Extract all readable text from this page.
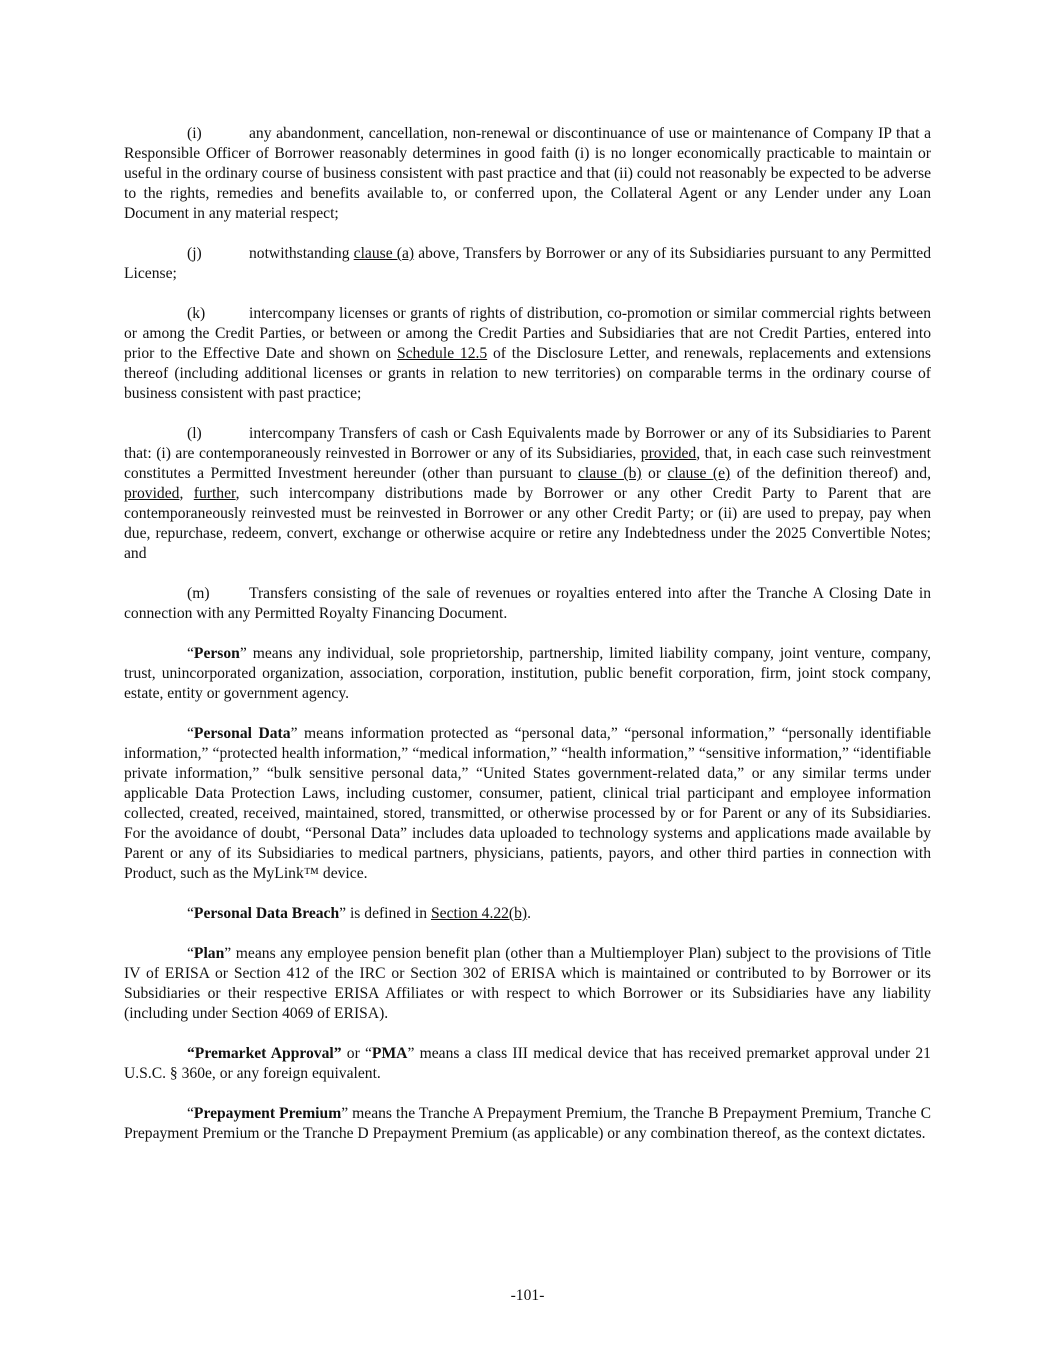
(i)	any abandonment, cancellation, non-renewal or discontinuance of use or maintenance of Company IP that a Responsible Officer of Borrower reasonably determines in good faith (i) is no longer economically practicable to maintain or useful in the ordinary course of business consistent with past practice and that (ii) could not reasonably be expected to be adverse to the rights, remedies and benefits available to, or conferred upon, the Collateral Agent or any Lender under any Loan Document in any material respect;

(j)	notwithstanding clause (a) above, Transfers by Borrower or any of its Subsidiaries pursuant to any Permitted License;

(k)	intercompany licenses or grants of rights of distribution, co-promotion or similar commercial rights between or among the Credit Parties, or between or among the Credit Parties and Subsidiaries that are not Credit Parties, entered into prior to the Effective Date and shown on Schedule 12.5 of the Disclosure Letter, and renewals, replacements and extensions thereof (including additional licenses or grants in relation to new territories) on comparable terms in the ordinary course of business consistent with past practice;

(l)	intercompany Transfers of cash or Cash Equivalents made by Borrower or any of its Subsidiaries to Parent that: (i) are contemporaneously reinvested in Borrower or any of its Subsidiaries, provided, that, in each case such reinvestment constitutes a Permitted Investment hereunder (other than pursuant to clause (b) or clause (e) of the definition thereof) and, provided, further, such intercompany distributions made by Borrower or any other Credit Party to Parent that are contemporaneously reinvested must be reinvested in Borrower or any other Credit Party; or (ii) are used to prepay, pay when due, repurchase, redeem, convert, exchange or otherwise acquire or retire any Indebtedness under the 2025 Convertible Notes; and

(m)	Transfers consisting of the sale of revenues or royalties entered into after the Tranche A Closing Date in connection with any Permitted Royalty Financing Document.

“Person” means any individual, sole proprietorship, partnership, limited liability company, joint venture, company, trust, unincorporated organization, association, corporation, institution, public benefit corporation, firm, joint stock company, estate, entity or government agency.

“Personal Data” means information protected as “personal data,” “personal information,” “personally identifiable information,” “protected health information,” “medical information,” “health information,” “sensitive information,” “identifiable private information,” “bulk sensitive personal data,” “United States government-related data,” or any similar terms under applicable Data Protection Laws, including customer, consumer, patient, clinical trial participant and employee information collected, created, received, maintained, stored, transmitted, or otherwise processed by or for Parent or any of its Subsidiaries. For the avoidance of doubt, “Personal Data” includes data uploaded to technology systems and applications made available by Parent or any of its Subsidiaries to medical partners, physicians, patients, payors, and other third parties in connection with Product, such as the MyLink™ device.

“Personal Data Breach” is defined in Section 4.22(b).

“Plan” means any employee pension benefit plan (other than a Multiemployer Plan) subject to the provisions of Title IV of ERISA or Section 412 of the IRC or Section 302 of ERISA which is maintained or contributed to by Borrower or its Subsidiaries or their respective ERISA Affiliates or with respect to which Borrower or its Subsidiaries have any liability (including under Section 4069 of ERISA).

“Premarket Approval” or “PMA” means a class III medical device that has received premarket approval under 21 U.S.C. § 360e, or any foreign equivalent.

“Prepayment Premium” means the Tranche A Prepayment Premium, the Tranche B Prepayment Premium, Tranche C Prepayment Premium or the Tranche D Prepayment Premium (as applicable) or any combination thereof, as the context dictates.

-101-
